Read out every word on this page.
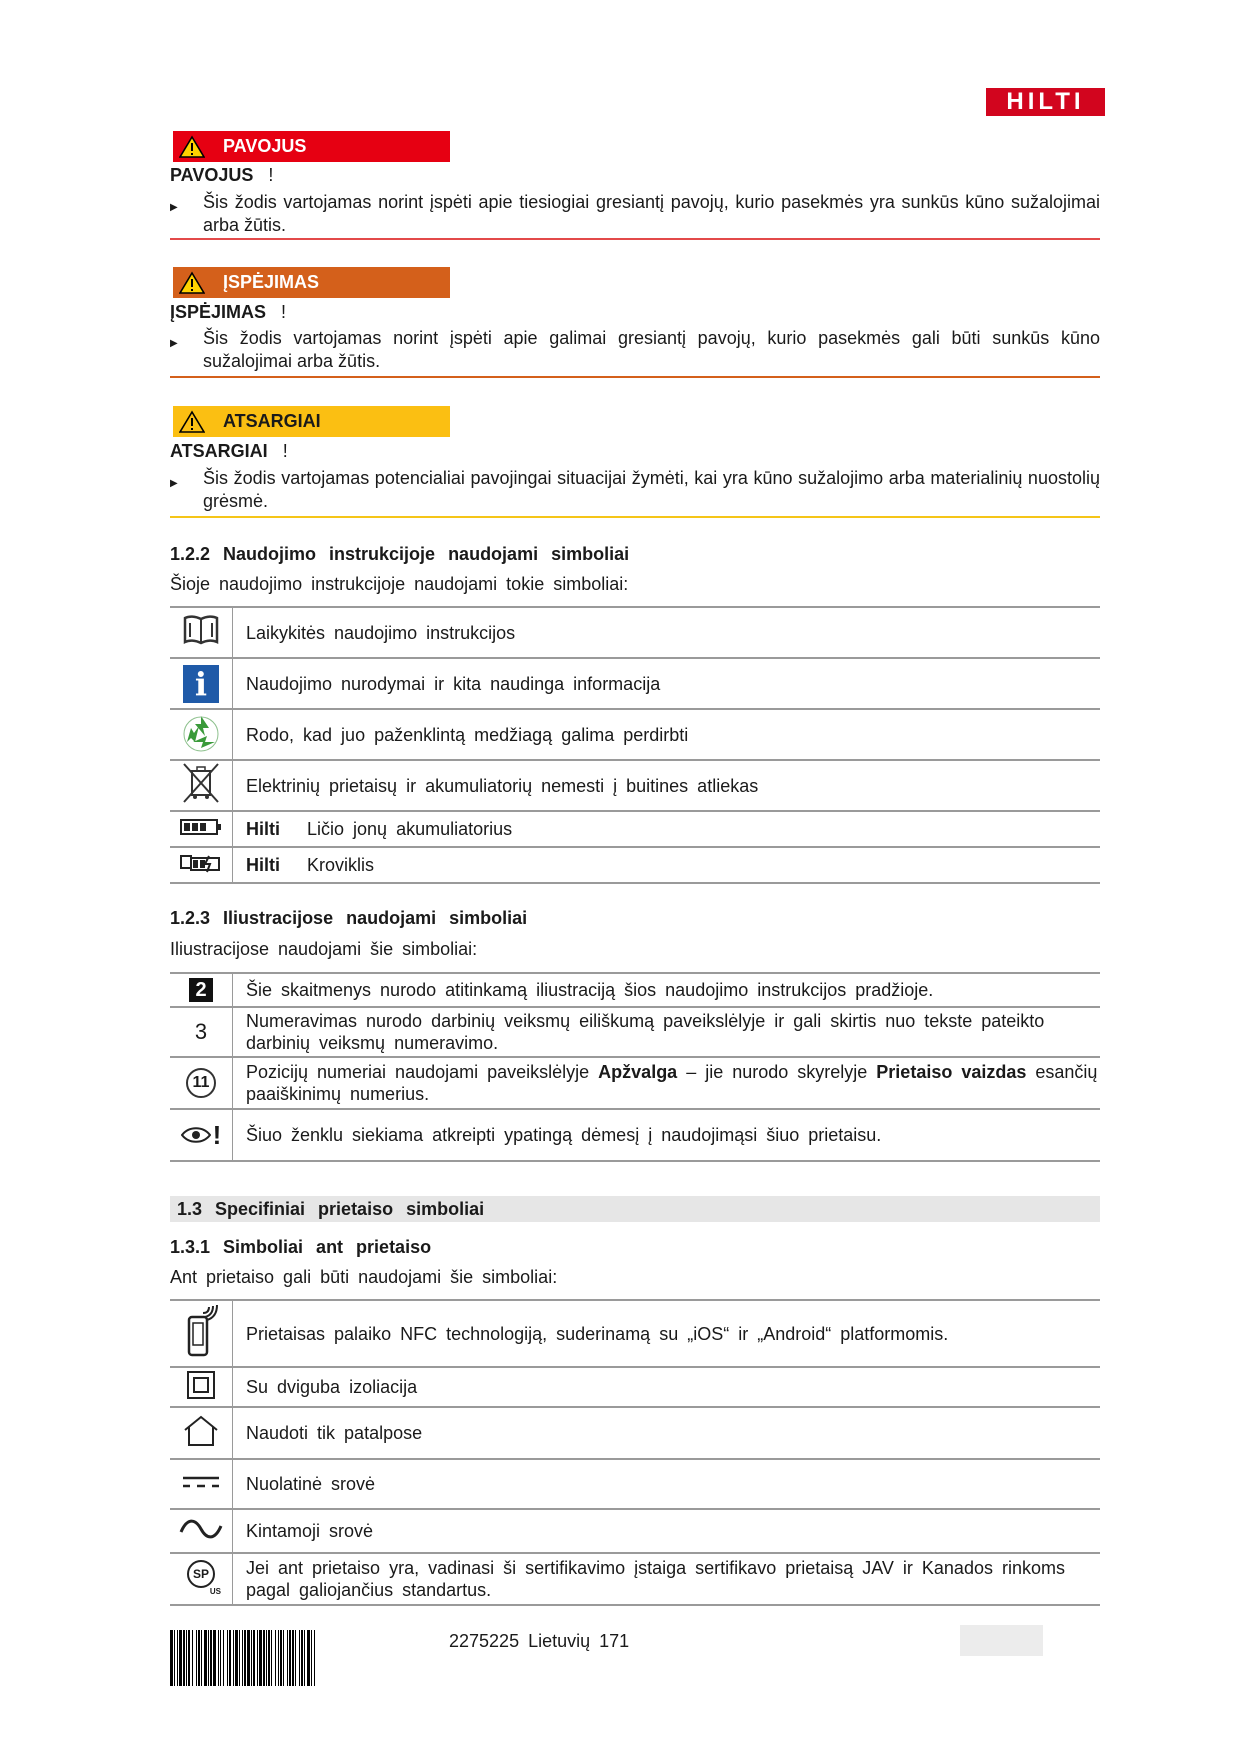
HILTI
PAVOJUS
PAVOJUS !
▶ Šis žodis vartojamas norint įspėti apie tiesiogiai gresiantį pavojų, kurio pasekmės yra sunkūs kūno sužalojimai arba žūtis.
ĮSPĖJIMAS
ĮSPĖJIMAS !
▶ Šis žodis vartojamas norint įspėti apie galimai gresiantį pavojų, kurio pasekmės gali būti sunkūs kūno sužalojimai arba žūtis.
ATSARGIAI
ATSARGIAI !
▶ Šis žodis vartojamas potencialiai pavojingai situacijai žymėti, kai yra kūno sužalojimo arba materialinių nuostolių grėsmė.
1.2.2 Naudojimo instrukcijoje naudojami simboliai
Šioje naudojimo instrukcijoje naudojami tokie simboliai:
	Laikykitės naudojimo instrukcijos

i	Naudojimo nurodymai ir kita naudinga informacija
	Rodo, kad juo paženklintą medžiagą galima perdirbti
	Elektrinių prietaisų ir akumuliatorių nemesti į buitines atliekas
	Hilti Ličio jonų akumuliatorius
	Hilti Kroviklis
1.2.3 Iliustracijose naudojami simboliai
Iliustracijose naudojami šie simboliai:
2	Šie skaitmenys nurodo atitinkamą iliustraciją šios naudojimo instrukcijos pradžioje.
3	Numeravimas nurodo darbinių veiksmų eiliškumą paveikslėlyje ir gali skirtis nuo tekste pateikto darbinių veiksmų numeravimo.

11	Pozicijų numeriai naudojami paveikslėlyje Apžvalga – jie nurodo skyrelyje Prietaiso vaizdas esančių paaiškinimų numerius.

!	Šiuo ženklu siekiama atkreipti ypatingą dėmesį į naudojimąsi šiuo prietaisu.
1.3 Specifiniai prietaiso simboliai
1.3.1 Simboliai ant prietaiso
Ant prietaiso gali būti naudojami šie simboliai:
	Prietaisas palaiko NFC technologiją, suderinamą su „iOS“ ir „Android“ platformomis.
	Su dviguba izoliacija
	Naudoti tik patalpose
	Nuolatinė srovė
	Kintamoji srovė

SP
US	Jei ant prietaiso yra, vadinasi ši sertifikavimo įstaiga sertifikavo prietaisą JAV ir Kanados rinkoms pagal galiojančius standartus.
2275225 Lietuvių 171
